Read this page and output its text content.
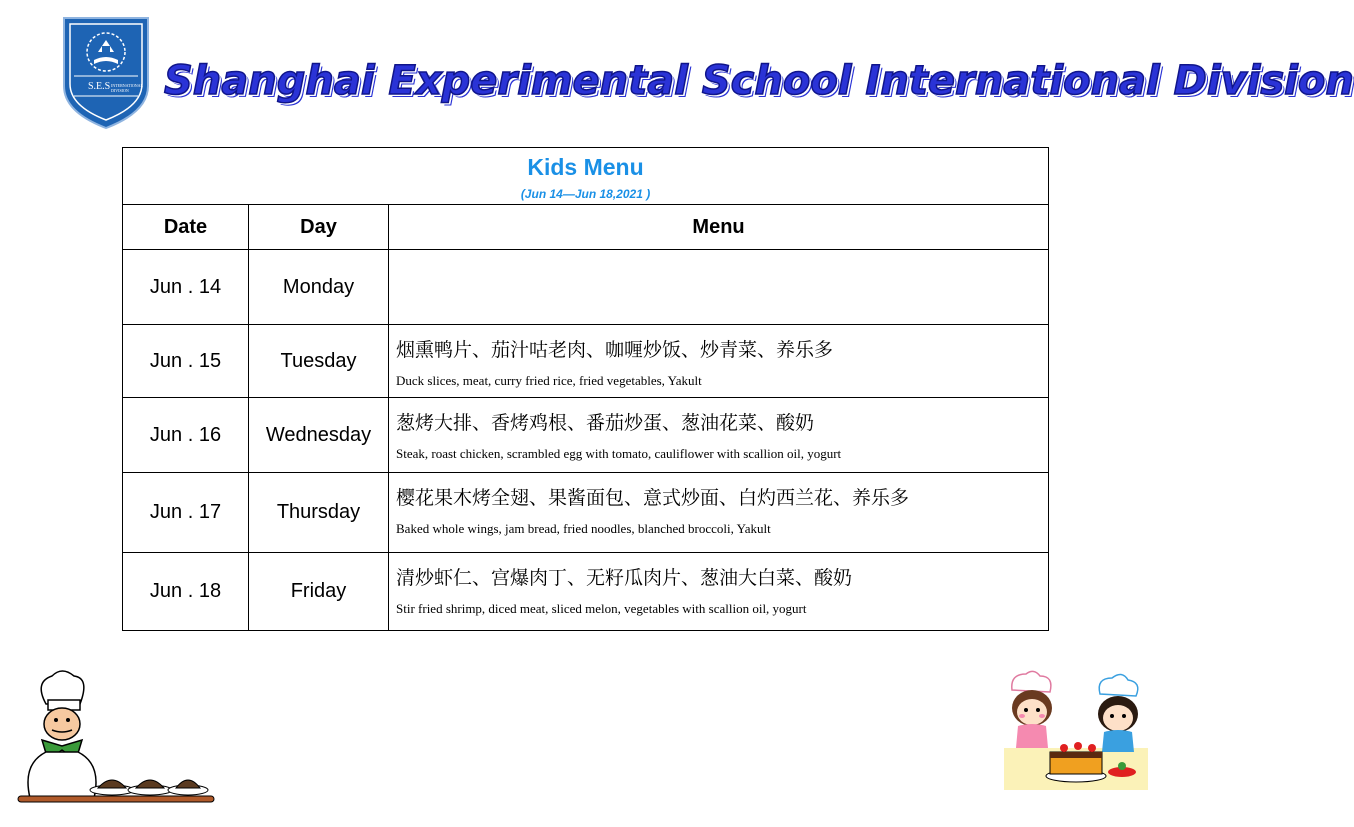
S.E.S INTERNATIONAL
DIVISION Shanghai Experimental School International Division
Kids Menu
(Jun 14—Jun 18,2021 )		

Date	Day	Menu
Jun . 14	Monday	

Jun . 15	Tuesday	烟熏鸭片、茄汁咕老肉、咖喱炒饭、炒青菜、养乐多
Duck slices, meat, curry fried rice, fried vegetables, Yakult

Jun . 16	Wednesday	葱烤大排、香烤鸡根、番茄炒蛋、葱油花菜、酸奶
Steak, roast chicken, scrambled egg with tomato, cauliflower with scallion oil, yogurt

Jun . 17	Thursday	樱花果木烤全翅、果酱面包、意式炒面、白灼西兰花、养乐多
Baked whole wings, jam bread, fried noodles, blanched broccoli, Yakult

Jun . 18	Friday	清炒虾仁、宫爆肉丁、无籽瓜肉片、葱油大白菜、酸奶
Stir fried shrimp, diced meat, sliced melon, vegetables with scallion oil, yogurt
